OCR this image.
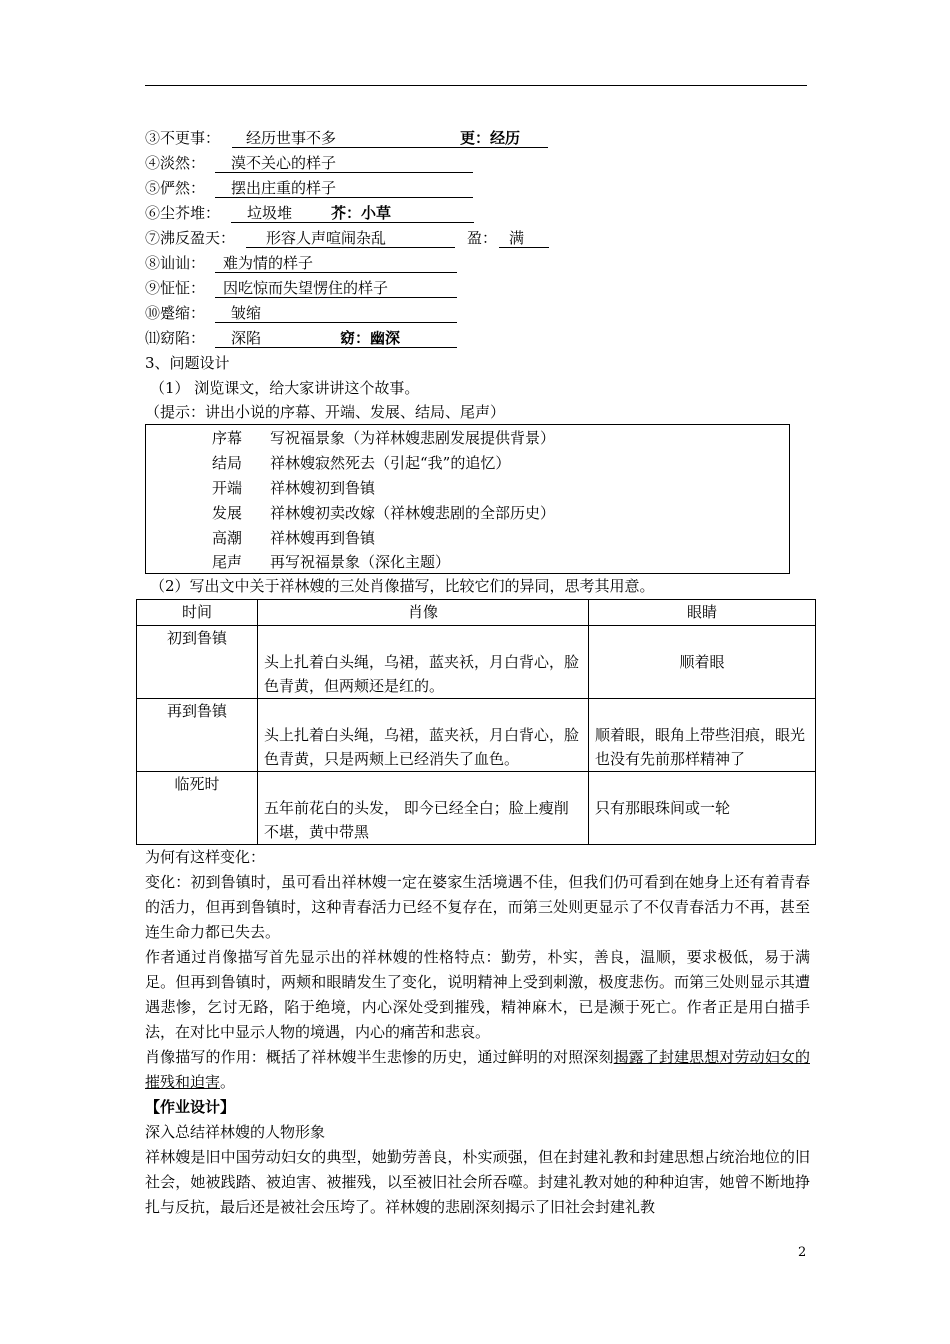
③不更事：	经历世事不多	更：经历
④淡然：	漠不关心的样子
⑤俨然：	摆出庄重的样子
⑥尘芥堆：	垃圾堆	芥：小草
⑦沸反盈天：	形容人声喧闹杂乱	盈： 满
⑧讪讪：	难为情的样子
⑨怔怔：	因吃惊而失望愣住的样子
⑩蹙缩：	皱缩
⑾窈陷：	深陷	窈：幽深
3、问题设计
（1） 浏览课文，给大家讲讲这个故事。
（提示：讲出小说的序幕、开端、发展、结局、尾声）
序幕 写祝福景象（为祥林嫂悲剧发展提供背景）
结局 祥林嫂寂然死去（引起“我”的追忆）
开端 祥林嫂初到鲁镇
发展 祥林嫂初卖改嫁（祥林嫂悲剧的全部历史）
高潮 祥林嫂再到鲁镇
尾声 再写祝福景象（深化主题）
（2）写出文中关于祥林嫂的三处肖像描写，比较它们的异同，思考其用意。
时间	肖像	眼睛
初到鲁镇	头上扎着白头绳，乌裙，蓝夹袄，月白背心，脸色青黄，但两颊还是红的。	顺着眼
再到鲁镇	头上扎着白头绳，乌裙，蓝夹袄，月白背心，脸色青黄，只是两颊上已经消失了血色。	顺着眼，眼角上带些泪痕，眼光也没有先前那样精神了
临死时	五年前花白的头发， 即今已经全白；脸上瘦削不堪，黄中带黑	只有那眼珠间或一轮
为何有这样变化：
变化：初到鲁镇时，虽可看出祥林嫂一定在婆家生活境遇不佳，但我们仍可看到在她身上还有着青春的活力，但再到鲁镇时，这种青春活力已经不复存在，而第三处则更显示了不仅青春活力不再，甚至连生命力都已失去。
作者通过肖像描写首先显示出的祥林嫂的性格特点：勤劳，朴实，善良，温顺，要求极低，易于满足。但再到鲁镇时，两颊和眼睛发生了变化，说明精神上受到刺激，极度悲伤。而第三处则显示其遭遇悲惨，乞讨无路，陷于绝境，内心深处受到摧残，精神麻木，已是濒于死亡。作者正是用白描手法，在对比中显示人物的境遇，内心的痛苦和悲哀。
肖像描写的作用：概括了祥林嫂半生悲惨的历史，通过鲜明的对照深刻揭露了封建思想对劳动妇女的摧残和迫害。
【作业设计】
深入总结祥林嫂的人物形象
祥林嫂是旧中国劳动妇女的典型，她勤劳善良，朴实顽强，但在封建礼教和封建思想占统治地位的旧社会，她被践踏、被迫害、被摧残，以至被旧社会所吞噬。封建礼教对她的种种迫害，她曾不断地挣扎与反抗，最后还是被社会压垮了。祥林嫂的悲剧深刻揭示了旧社会封建礼教
2
